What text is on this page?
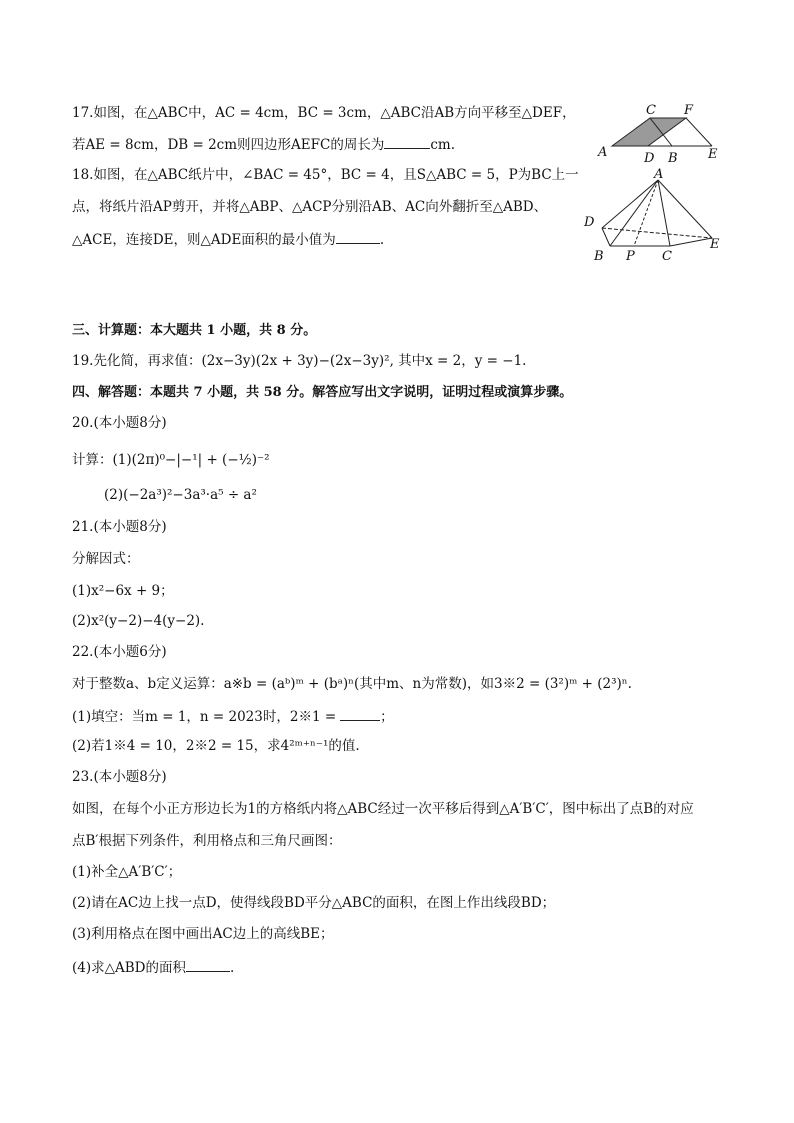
17.如图，在△ABC中，AC = 4cm，BC = 3cm，△ABC沿AB方向平移至△DEF，
若AE = 8cm，DB = 2cm则四边形AEFC的周长为	cm.
18.如图，在△ABC纸片中，∠BAC = 45°，BC = 4，且S△ABC = 5，P为BC上一
点，将纸片沿AP剪开，并将△ABP、△ACP分别沿AB、AC向外翻折至△ABD、
△ACE，连接DE，则△ADE面积的最小值为	.
C F
A	D B E
A
D
E
B P C
三、计算题：本大题共 1 小题，共 8 分。
19.先化简，再求值：(2x−3y)(2x + 3y)−(2x−3y)², 其中x = 2，y = −1.
四、解答题：本题共 7 小题，共 58 分。解答应写出文字说明，证明过程或演算步骤。
20.(本小题8分)
计算：(1)(2π)⁰−|−¹| + (−½)⁻²
(2)(−2a³)²−3a³·a⁵ ÷ a²
21.(本小题8分)
分解因式：
(1)x²−6x + 9；
(2)x²(y−2)−4(y−2).
22.(本小题6分)
对于整数a、b定义运算：a※b = (aᵇ)ᵐ + (bᵃ)ⁿ(其中m、n为常数)，如3※2 = (3²)ᵐ + (2³)ⁿ.
(1)填空：当m = 1，n = 2023时，2※1 =	；
(2)若1※4 = 10，2※2 = 15，求4²ᵐ⁺ⁿ⁻¹的值.
23.(本小题8分)
如图，在每个小正方形边长为1的方格纸内将△ABC经过一次平移后得到△A′B′C′，图中标出了点B的对应
点B′根据下列条件，利用格点和三角尺画图：
(1)补全△A′B′C′；
(2)请在AC边上找一点D，使得线段BD平分△ABC的面积，在图上作出线段BD；
(3)利用格点在图中画出AC边上的高线BE；
(4)求△ABD的面积	.
